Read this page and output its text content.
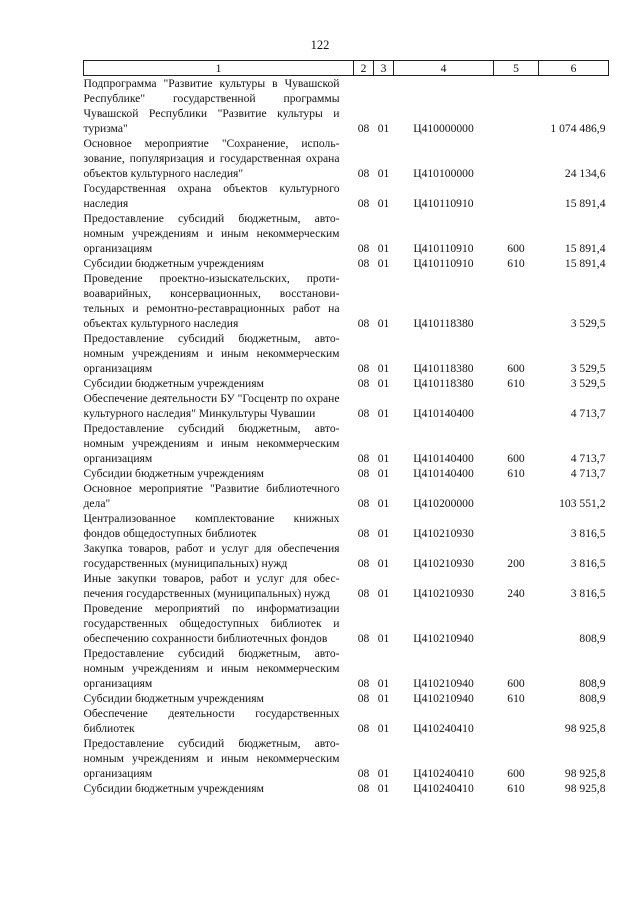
122
1	2	3	4	5	6
Подпрограмма "Развитие культуры в Чувашской Республике" государственной программы Чувашской Республики "Развитие культуры и туризма"	08	01	Ц410000000		1 074 486,9
Основное мероприятие "Сохранение, использование, популяризация и государственная охрана объектов культурного наследия"	08	01	Ц410100000		24 134,6
Государственная охрана объектов культурного наследия	08	01	Ц410110910		15 891,4
Предоставление субсидий бюджетным, автономным учреждениям и иным некоммерческим организациям	08	01	Ц410110910	600	15 891,4
Субсидии бюджетным учреждениям	08	01	Ц410110910	610	15 891,4
Проведение проектно-изыскательских, противоаварийных, консервационных, восстановительных и ремонтно-реставрационных работ на объектах культурного наследия	08	01	Ц410118380		3 529,5
Предоставление субсидий бюджетным, автономным учреждениям и иным некоммерческим организациям	08	01	Ц410118380	600	3 529,5
Субсидии бюджетным учреждениям	08	01	Ц410118380	610	3 529,5
Обеспечение деятельности БУ "Госцентр по охране культурного наследия" Минкультуры Чувашии	08	01	Ц410140400		4 713,7
Предоставление субсидий бюджетным, автономным учреждениям и иным некоммерческим организациям	08	01	Ц410140400	600	4 713,7
Субсидии бюджетным учреждениям	08	01	Ц410140400	610	4 713,7
Основное мероприятие "Развитие библиотечного дела"	08	01	Ц410200000		103 551,2
Централизованное комплектование книжных фондов общедоступных библиотек	08	01	Ц410210930		3 816,5
Закупка товаров, работ и услуг для обеспечения государственных (муниципальных) нужд	08	01	Ц410210930	200	3 816,5
Иные закупки товаров, работ и услуг для обеспечения государственных (муниципальных) нужд	08	01	Ц410210930	240	3 816,5
Проведение мероприятий по информатизации государственных общедоступных библиотек и обеспечению сохранности библиотечных фондов	08	01	Ц410210940		808,9
Предоставление субсидий бюджетным, автономным учреждениям и иным некоммерческим организациям	08	01	Ц410210940	600	808,9
Субсидии бюджетным учреждениям	08	01	Ц410210940	610	808,9
Обеспечение деятельности государственных библиотек	08	01	Ц410240410		98 925,8
Предоставление субсидий бюджетным, автономным учреждениям и иным некоммерческим организациям	08	01	Ц410240410	600	98 925,8
Субсидии бюджетным учреждениям	08	01	Ц410240410	610	98 925,8
